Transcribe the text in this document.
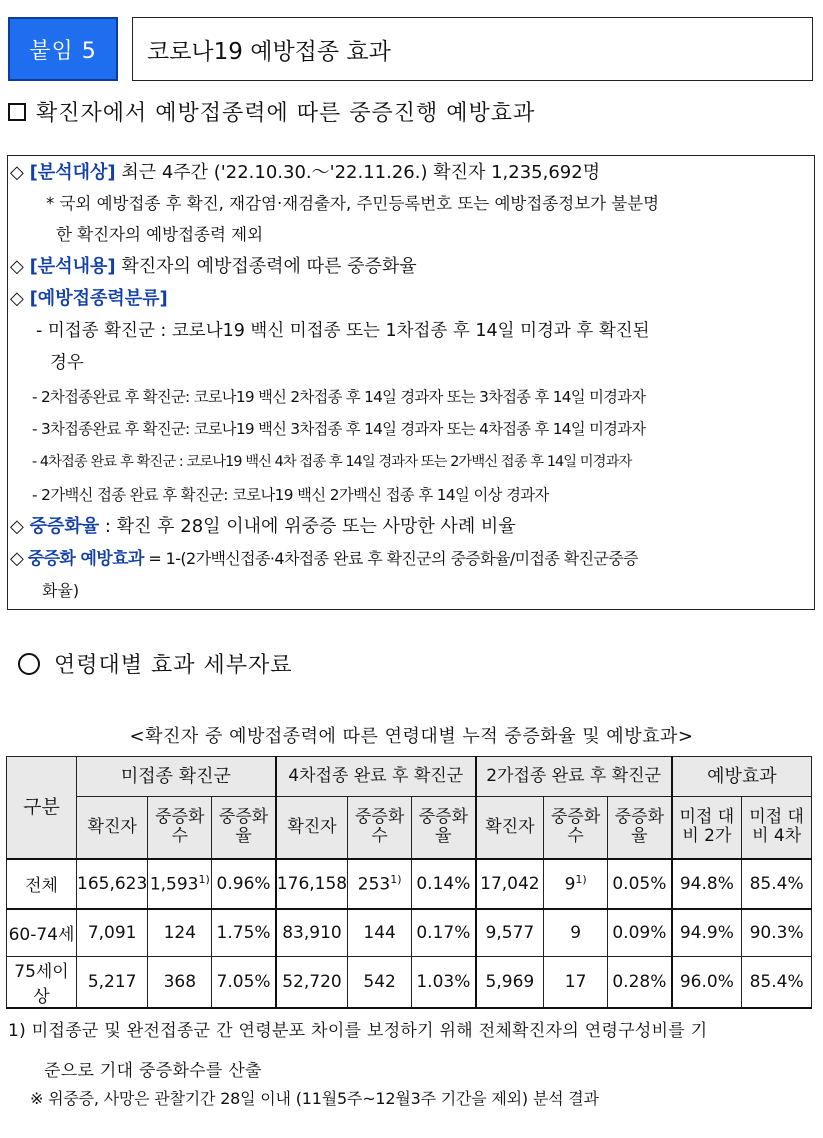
붙임 5	코로나19 예방접종 효과
확진자에서 예방접종력에 따른 중증진행 예방효과
◇ [분석대상] 최근 4주간 ('22.10.30.～'22.11.26.) 확진자 1,235,692명
* 국외 예방접종 후 확진, 재감염·재검출자, 주민등록번호 또는 예방접종정보가 불분명
한 확진자의 예방접종력 제외
◇ [분석내용] 확진자의 예방접종력에 따른 중증화율
◇ [예방접종력분류]
- 미접종 확진군 : 코로나19 백신 미접종 또는 1차접종 후 14일 미경과 후 확진된
경우
- 2차접종완료 후 확진군: 코로나19 백신 2차접종 후 14일 경과자 또는 3차접종 후 14일 미경과자
- 3차접종완료 후 확진군: 코로나19 백신 3차접종 후 14일 경과자 또는 4차접종 후 14일 미경과자
- 4차접종 완료 후 확진군 : 코로나19 백신 4차 접종 후 14일 경과자 또는 2가백신 접종 후 14일 미경과자
- 2가백신 접종 완료 후 확진군: 코로나19 백신 2가백신 접종 후 14일 이상 경과자
◇ 중증화율 : 확진 후 28일 이내에 위중증 또는 사망한 사례 비율
◇ 중증화 예방효과 = 1-(2가백신접종·4차접종 완료 후 확진군의 중증화율/미접종 확진군중증
화율)
연령대별 효과 세부자료
<확진자 중 예방접종력에 따른 연령대별 누적 중증화율 및 예방효과>
구분	미접종 확진군			4차접종 완료 후 확진군			2가접종 완료 후 확진군			예방효과	
	확진자	중증화수	중증화율	확진자	중증화수	중증화율	확진자	중증화수	중증화율	미접 대비 2가	미접 대비 4차
전체	165,623	1,593$^{1)}$	0.96%	176,158	253$^{1)}$	0.14%	17,042	9$^{1)}$	0.05%	94.8%	85.4%
60-74세	7,091	124	1.75%	83,910	144	0.17%	9,577	9	0.09%	94.9%	90.3%
75세이상	5,217	368	7.05%	52,720	542	1.03%	5,969	17	0.28%	96.0%	85.4%
1) 미접종군 및 완전접종군 간 연령분포 차이를 보정하기 위해 전체확진자의 연령구성비를 기
준으로 기대 중증화수를 산출
※ 위중증, 사망은 관찰기간 28일 이내 (11월5주~12월3주 기간을 제외) 분석 결과
